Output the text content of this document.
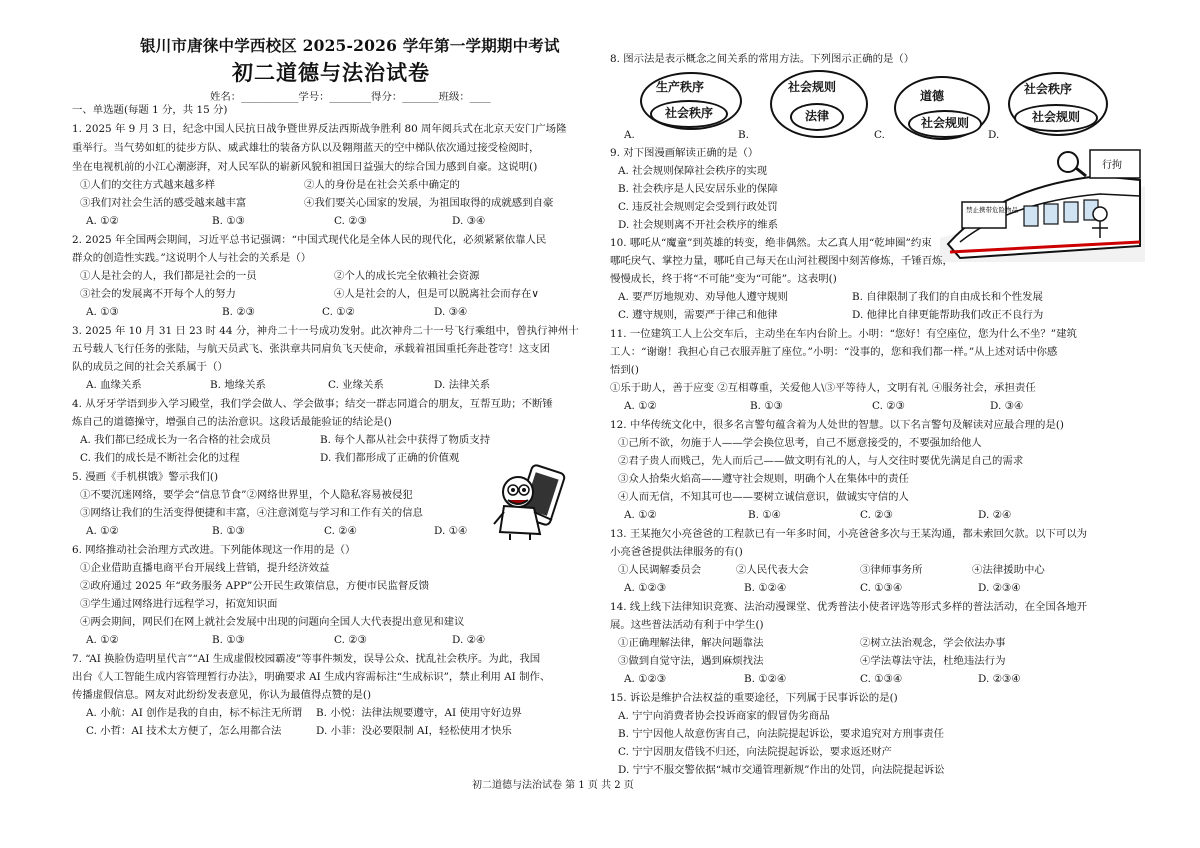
银川市唐徕中学西校区 2025-2026 学年第一学期期中考试
初二道德与法治试卷
姓名：___________学号：________得分：_______班级：____
一、单选题(每题 1 分，共 15 分)
1. 2025 年 9 月 3 日，纪念中国人民抗日战争暨世界反法西斯战争胜利 80 周年阅兵式在北京天安门广场隆
重举行。当气势如虹的徒步方队、威武雄壮的装备方队以及翱翔蓝天的空中梯队依次通过接受检阅时，
坐在电视机前的小江心潮澎湃，对人民军队的崭新风貌和祖国日益强大的综合国力感到自豪。这说明()
①人们的交往方式越来越多样	②人的身份是在社会关系中确定的
③我们对社会生活的感受越来越丰富	④我们要关心国家的发展，为祖国取得的成就感到自豪
A. ①②	B. ①③	C. ②③	D. ③④
2. 2025 年全国两会期间，习近平总书记强调：“中国式现代化是全体人民的现代化，必须紧紧依靠人民
群众的创造性实践。”这说明个人与社会的关系是（）
①人是社会的人，我们都是社会的一员	②个人的成长完全依赖社会资源
③社会的发展离不开每个人的努力	④人是社会的人，但是可以脱离社会而存在∨
A. ①③	B. ②③	C. ①②	D. ③④
3. 2025 年 10 月 31 日 23 时 44 分，神舟二十一号成功发射。此次神舟二十一号飞行乘组中，曾执行神州十
五号载人飞行任务的张陆，与航天员武飞、张洪章共同肩负飞天使命，承载着祖国重托奔赴苍穹！这支团
队的成员之间的社会关系属于（）
A. 血缘关系	B. 地缘关系	C. 业缘关系	D. 法律关系
4. 从牙牙学语到步入学习殿堂，我们学会做人、学会做事；结交一群志同道合的朋友，互帮互助；不断锤
炼自己的道德操守，增强自己的法治意识。这段话最能验证的结论是()
A. 我们都已经成长为一名合格的社会成员	B. 每个人都从社会中获得了物质支持
C. 我们的成长是不断社会化的过程	D. 我们都形成了正确的价值观
5. 漫画《手机棋饿》警示我们()
①不要沉迷网络，要学会“信息节食”②网络世界里，个人隐私容易被侵犯
③网络让我们的生活变得便捷和丰富，④注意浏览与学习和工作有关的信息
A. ①②	B. ①③	C. ②④	D. ①④
6. 网络推动社会治理方式改进。下列能体现这一作用的是（）
①企业借助直播电商平台开展线上营销，提升经济效益
②政府通过 2025 年“政务服务 APP”公开民生政策信息，方便市民监督反馈
③学生通过网络进行远程学习，拓宽知识面
④两会期间，网民们在网上就社会发展中出现的问题向全国人大代表提出意见和建议
A. ①②	B. ①③	C. ②③	D. ②④
7. “AI 换脸伪造明星代言”“AI 生成虚假校园霸凌”等事件频发，误导公众、扰乱社会秩序。为此，我国
出台《人工智能生成内容管理暂行办法》，明确要求 AI 生成内容需标注“生成标识”，禁止利用 AI 制作、
传播虚假信息。网友对此纷纷发表意见，你认为最值得点赞的是()
A. 小航：AI 创作是我的自由，标不标注无所谓 B. 小悦：法律法规要遵守，AI 使用守好边界
C. 小哲：AI 技术太方便了，怎么用都合法	D. 小菲：没必要限制 AI，轻松使用才快乐
8. 图示法是表示概念之间关系的常用方法。下列图示正确的是（）
生产秩序
社会秩序
A.
社会规则
法律
B.
道德
社会规则
C.
社会秩序
社会规则
D.
9. 对下图漫画解读正确的是（）
A. 社会规则保障社会秩序的实现
B. 社会秩序是人民安居乐业的保障
C. 违反社会规则定会受到行政处罚
D. 社会规则离不开社会秩序的维系
禁止携带危险物品
行拘
10. 哪吒从“魔童”到英雄的转变，绝非偶然。太乙真人用“乾坤圈”约束
哪吒戾气、掌控力量，哪吒自己每天在山河社稷图中刻苦修炼，千锤百炼，
慢慢成长，终于将“不可能”变为“可能”。这表明()
A. 要严厉地规劝、劝导他人遵守规则	B. 自律限制了我们的自由成长和个性发展
C. 遵守规则，需要严于律己和他律	D. 他律比自律更能帮助我们改正不良行为
11. 一位建筑工人上公交车后，主动坐在车内台阶上。小明：“您好！有空座位，您为什么不坐？”建筑
工人：“谢谢！我担心自己衣服弄脏了座位。”小明：“没事的，您和我们都一样。”从上述对话中你感
悟到()
①乐于助人，善于应变 ②互相尊重，关爱他人\③平等待人，文明有礼 ④服务社会，承担责任
A. ①②	B. ①③	C. ②③	D. ③④
12. 中华传统文化中，很多名言警句蕴含着为人处世的智慧。以下名言警句及解读对应最合理的是()
①己所不欲，勿施于人——学会换位思考，自己不愿意接受的，不要强加给他人
②君子贵人而贱己，先人而后己——做文明有礼的人，与人交往时要优先满足自己的需求
③众人拾柴火焰高——遵守社会规则，明确个人在集体中的责任
④人而无信，不知其可也——要树立诚信意识，做诚实守信的人
A. ①②	B. ①④	C. ②③	D. ②④
13. 王某拖欠小亮爸爸的工程款已有一年多时间，小亮爸爸多次与王某沟通，都未索回欠款。以下可以为
小亮爸爸提供法律服务的有()
①人民调解委员会	②人民代表大会	③律师事务所	④法律援助中心
A. ①②③	B. ①②④	C. ①③④	D. ②③④
14. 线上线下法律知识竞赛、法治动漫课堂、优秀普法小使者评选等形式多样的普法活动，在全国各地开
展。这些普法活动有利于中学生()
①正确理解法律，解决问题靠法	②树立法治观念，学会依法办事
③做到自觉守法，遇到麻烦找法	④学法尊法守法，杜绝违法行为
A. ①②③	B. ①②④	C. ①③④	D. ②③④
15. 诉讼是维护合法权益的重要途径，下列属于民事诉讼的是()
A. 宁宁向消费者协会投诉商家的假冒伪劣商品
B. 宁宁因他人故意伤害自己，向法院提起诉讼，要求追究对方刑事责任
C. 宁宁因朋友借钱不归还，向法院提起诉讼，要求返还财产
D. 宁宁不服交警依据“城市交通管理新规”作出的处罚，向法院提起诉讼
初二道德与法治试卷 第 1 页 共 2 页
